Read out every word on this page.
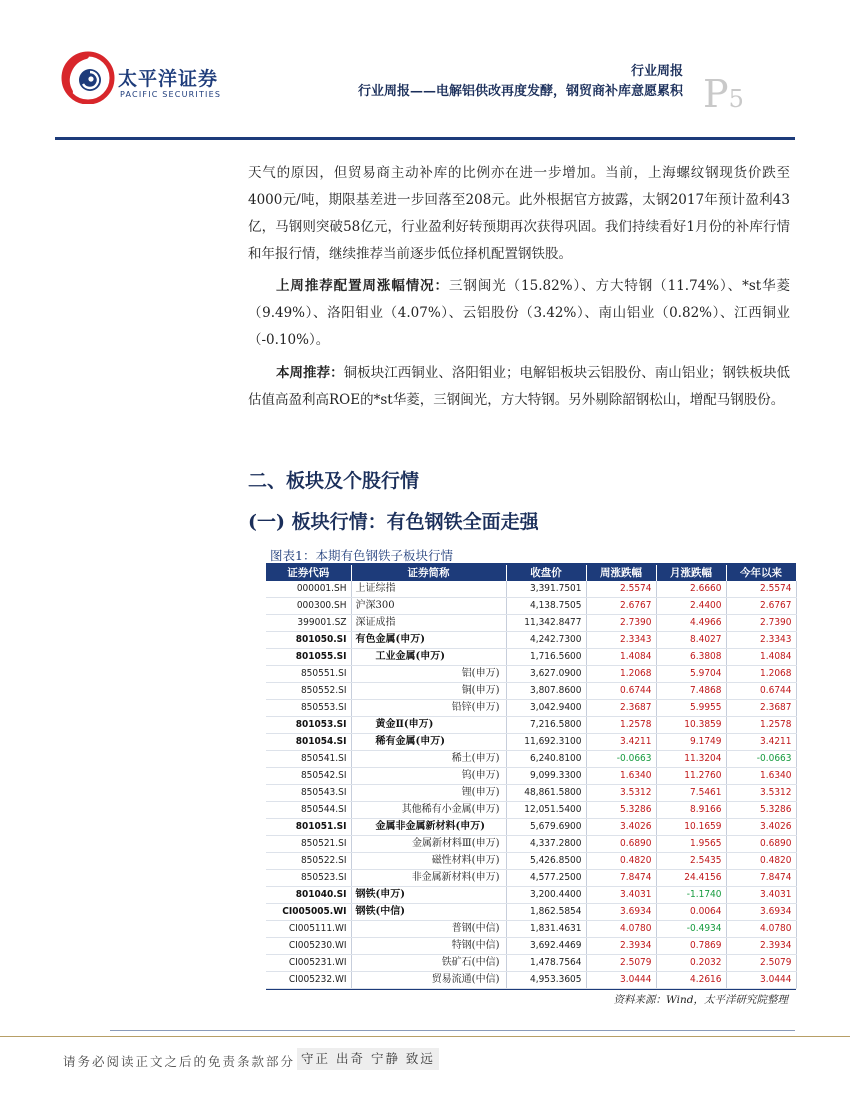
太平洋证券
PACIFIC SECURITIES
行业周报
行业周报——电解铝供改再度发酵，钢贸商补库意愿累积 P5
天气的原因，但贸易商主动补库的比例亦在进一步增加。当前，上海螺纹钢现货价跌至4000元/吨，期限基差进一步回落至208元。此外根据官方披露，太钢2017年预计盈利43亿，马钢则突破58亿元，行业盈利好转预期再次获得巩固。我们持续看好1月份的补库行情和年报行情，继续推荐当前逐步低位择机配置钢铁股。
上周推荐配置周涨幅情况：三钢闽光（15.82%）、方大特钢（11.74%）、*st华菱（9.49%）、洛阳钼业（4.07%）、云铝股份（3.42%）、南山铝业（0.82%）、江西铜业（-0.10%）。
本周推荐：铜板块江西铜业、洛阳钼业；电解铝板块云铝股份、南山铝业；钢铁板块低估值高盈利高ROE的*st华菱，三钢闽光，方大特钢。另外剔除韶钢松山，增配马钢股份。
二、板块及个股行情
(一) 板块行情：有色钢铁全面走强
图表1：本期有色钢铁子板块行情
证券代码	证券简称	收盘价	周涨跌幅	月涨跌幅	今年以来
000001.SH	上证综指	3,391.7501	2.5574	2.6660	2.5574
000300.SH	沪深300	4,138.7505	2.6767	2.4400	2.6767
399001.SZ	深证成指	11,342.8477	2.7390	4.4966	2.7390
801050.SI	有色金属(申万)	4,242.7300	2.3343	8.4027	2.3343
801055.SI	工业金属(申万)	1,716.5600	1.4084	6.3808	1.4084
850551.SI	铝(申万)	3,627.0900	1.2068	5.9704	1.2068
850552.SI	铜(申万)	3,807.8600	0.6744	7.4868	0.6744
850553.SI	铅锌(申万)	3,042.9400	2.3687	5.9955	2.3687
801053.SI	黄金Ⅱ(申万)	7,216.5800	1.2578	10.3859	1.2578
801054.SI	稀有金属(申万)	11,692.3100	3.4211	9.1749	3.4211
850541.SI	稀土(申万)	6,240.8100	-0.0663	11.3204	-0.0663
850542.SI	钨(申万)	9,099.3300	1.6340	11.2760	1.6340
850543.SI	锂(申万)	48,861.5800	3.5312	7.5461	3.5312
850544.SI	其他稀有小金属(申万)	12,051.5400	5.3286	8.9166	5.3286
801051.SI	金属非金属新材料(申万)	5,679.6900	3.4026	10.1659	3.4026
850521.SI	金属新材料Ⅲ(申万)	4,337.2800	0.6890	1.9565	0.6890
850522.SI	磁性材料(申万)	5,426.8500	0.4820	2.5435	0.4820
850523.SI	非金属新材料(申万)	4,577.2500	7.8474	24.4156	7.8474
801040.SI	钢铁(申万)	3,200.4400	3.4031	-1.1740	3.4031
CI005005.WI	钢铁(中信)	1,862.5854	3.6934	0.0064	3.6934
CI005111.WI	普钢(中信)	1,831.4631	4.0780	-0.4934	4.0780
CI005230.WI	特钢(中信)	3,692.4469	2.3934	0.7869	2.3934
CI005231.WI	铁矿石(中信)	1,478.7564	2.5079	0.2032	2.5079
CI005232.WI	贸易流通(中信)	4,953.3605	3.0444	4.2616	3.0444
资料来源：Wind，太平洋研究院整理
请务必阅读正文之后的免责条款部分 守正 出奇 宁静 致远
